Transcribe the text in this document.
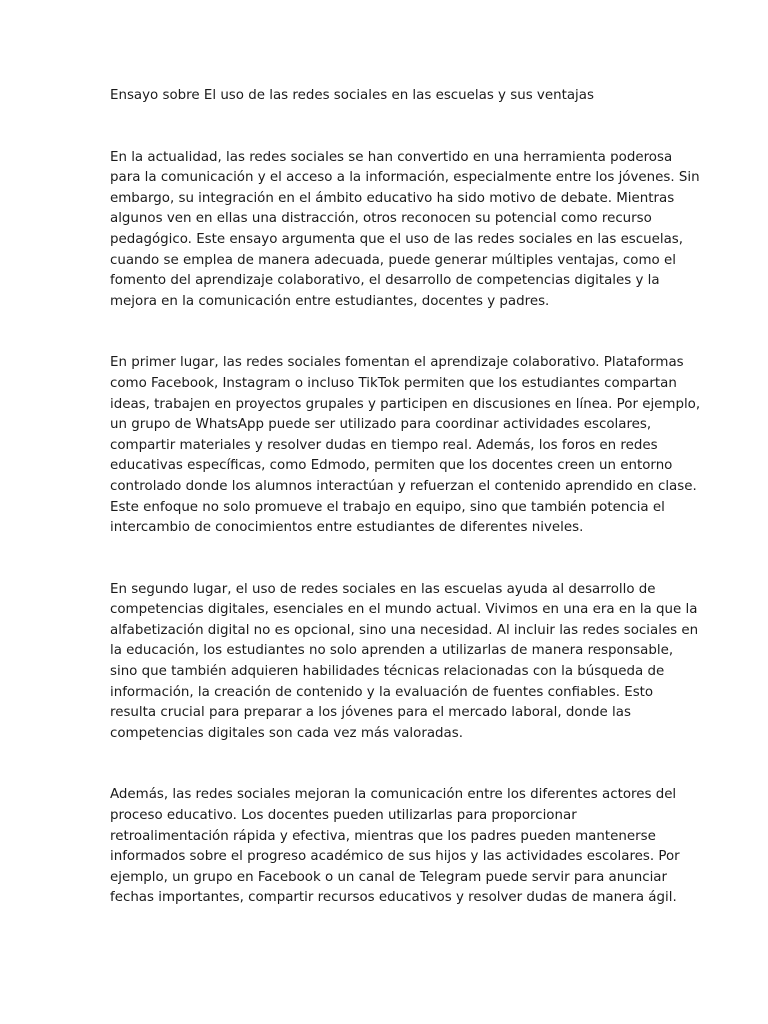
Ensayo sobre El uso de las redes sociales en las escuelas y sus ventajas
En la actualidad, las redes sociales se han convertido en una herramienta poderosa
para la comunicación y el acceso a la información, especialmente entre los jóvenes. Sin
embargo, su integración en el ámbito educativo ha sido motivo de debate. Mientras
algunos ven en ellas una distracción, otros reconocen su potencial como recurso
pedagógico. Este ensayo argumenta que el uso de las redes sociales en las escuelas,
cuando se emplea de manera adecuada, puede generar múltiples ventajas, como el
fomento del aprendizaje colaborativo, el desarrollo de competencias digitales y la
mejora en la comunicación entre estudiantes, docentes y padres.
En primer lugar, las redes sociales fomentan el aprendizaje colaborativo. Plataformas
como Facebook, Instagram o incluso TikTok permiten que los estudiantes compartan
ideas, trabajen en proyectos grupales y participen en discusiones en línea. Por ejemplo,
un grupo de WhatsApp puede ser utilizado para coordinar actividades escolares,
compartir materiales y resolver dudas en tiempo real. Además, los foros en redes
educativas específicas, como Edmodo, permiten que los docentes creen un entorno
controlado donde los alumnos interactúan y refuerzan el contenido aprendido en clase.
Este enfoque no solo promueve el trabajo en equipo, sino que también potencia el
intercambio de conocimientos entre estudiantes de diferentes niveles.
En segundo lugar, el uso de redes sociales en las escuelas ayuda al desarrollo de
competencias digitales, esenciales en el mundo actual. Vivimos en una era en la que la
alfabetización digital no es opcional, sino una necesidad. Al incluir las redes sociales en
la educación, los estudiantes no solo aprenden a utilizarlas de manera responsable,
sino que también adquieren habilidades técnicas relacionadas con la búsqueda de
información, la creación de contenido y la evaluación de fuentes confiables. Esto
resulta crucial para preparar a los jóvenes para el mercado laboral, donde las
competencias digitales son cada vez más valoradas.
Además, las redes sociales mejoran la comunicación entre los diferentes actores del
proceso educativo. Los docentes pueden utilizarlas para proporcionar
retroalimentación rápida y efectiva, mientras que los padres pueden mantenerse
informados sobre el progreso académico de sus hijos y las actividades escolares. Por
ejemplo, un grupo en Facebook o un canal de Telegram puede servir para anunciar
fechas importantes, compartir recursos educativos y resolver dudas de manera ágil.
